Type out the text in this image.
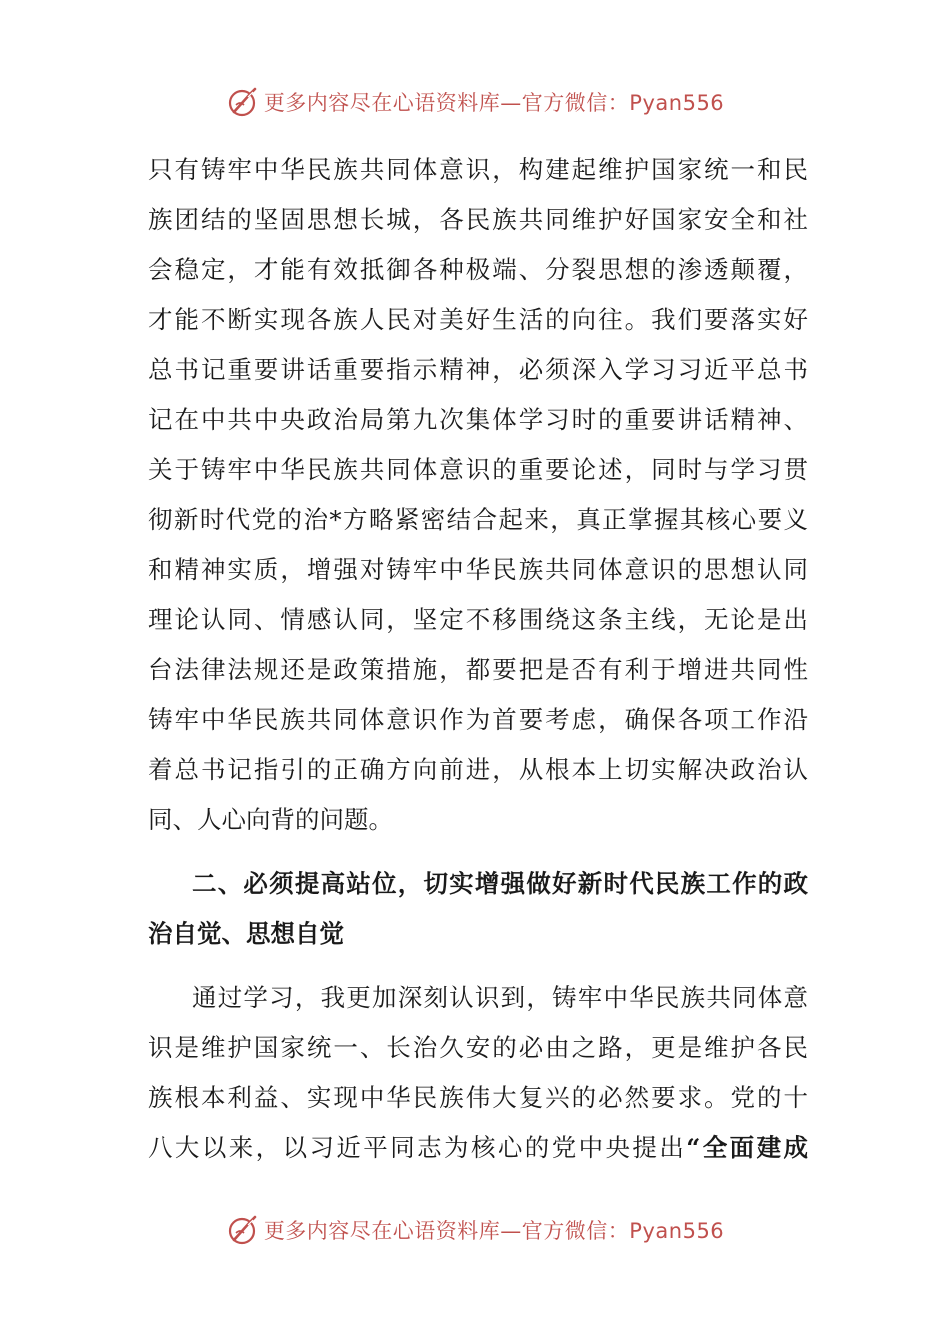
更多内容尽在心语资料库—官方微信：Pyan556
只有铸牢中华民族共同体意识，构建起维护国家统一和民
族团结的坚固思想长城，各民族共同维护好国家安全和社
会稳定，才能有效抵御各种极端、分裂思想的渗透颠覆，
才能不断实现各族人民对美好生活的向往。我们要落实好
总书记重要讲话重要指示精神，必须深入学习习近平总书
记在中共中央政治局第九次集体学习时的重要讲话精神、
关于铸牢中华民族共同体意识的重要论述，同时与学习贯
彻新时代党的治*方略紧密结合起来，真正掌握其核心要义
和精神实质，增强对铸牢中华民族共同体意识的思想认同
理论认同、情感认同，坚定不移围绕这条主线，无论是出
台法律法规还是政策措施，都要把是否有利于增进共同性
铸牢中华民族共同体意识作为首要考虑，确保各项工作沿
着总书记指引的正确方向前进，从根本上切实解决政治认
同、人心向背的问题。
二、必须提高站位，切实增强做好新时代民族工作的政
治自觉、思想自觉
通过学习，我更加深刻认识到，铸牢中华民族共同体意
识是维护国家统一、长治久安的必由之路，更是维护各民
族根本利益、实现中华民族伟大复兴的必然要求。党的十
八大以来，以习近平同志为核心的党中央提出“全面建成
更多内容尽在心语资料库—官方微信：Pyan556
